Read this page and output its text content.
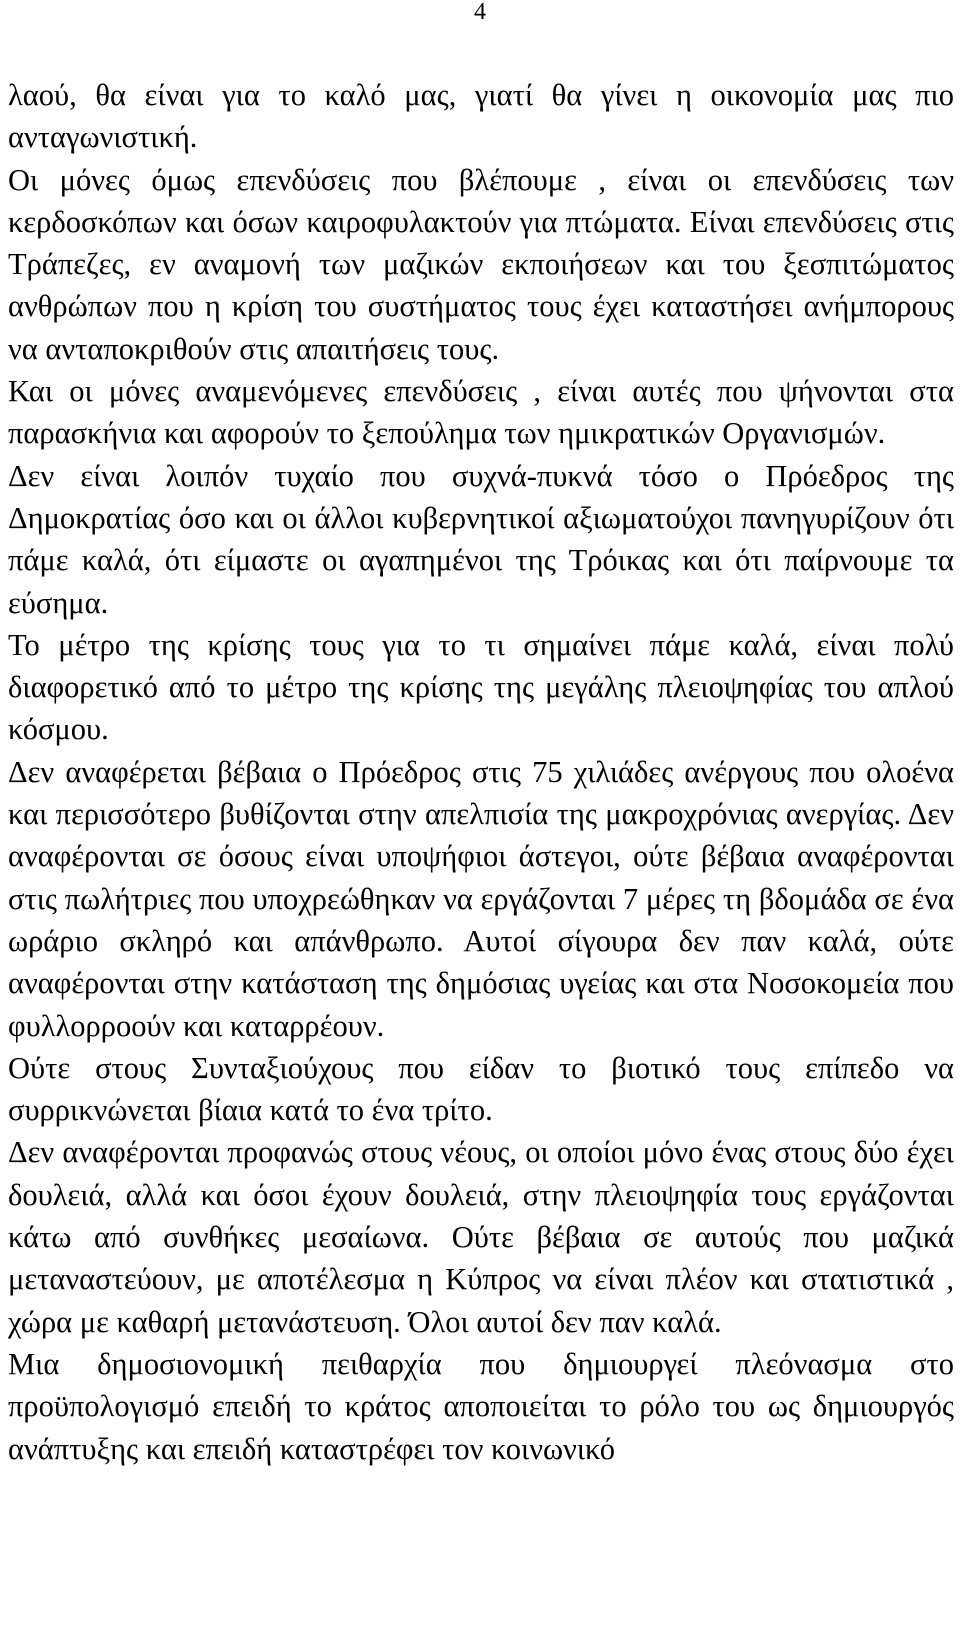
4

λαού, θα είναι για το καλό μας, γιατί θα γίνει η οικονομία μας πιο ανταγωνιστική.

Οι μόνες όμως επενδύσεις που βλέπουμε , είναι οι επενδύσεις των κερδοσκόπων και όσων καιροφυλακτούν για πτώματα. Είναι επενδύσεις στις Τράπεζες, εν αναμονή των μαζικών εκποιήσεων και του ξεσπιτώματος ανθρώπων που η κρίση του συστήματος τους έχει καταστήσει ανήμπορους να ανταποκριθούν στις απαιτήσεις τους.

Και οι μόνες αναμενόμενες επενδύσεις , είναι αυτές που ψήνονται στα παρασκήνια και αφορούν το ξεπούλημα των ημικρατικών Οργανισμών.

Δεν είναι λοιπόν τυχαίο που συχνά-πυκνά τόσο ο Πρόεδρος της Δημοκρατίας όσο και οι άλλοι κυβερνητικοί αξιωματούχοι πανηγυρίζουν ότι πάμε καλά, ότι είμαστε οι αγαπημένοι της Τρόικας και ότι παίρνουμε τα εύσημα.

Το μέτρο της κρίσης τους για το τι σημαίνει πάμε καλά, είναι πολύ διαφορετικό από το μέτρο της κρίσης της μεγάλης πλειοψηφίας του απλού κόσμου.

Δεν αναφέρεται βέβαια ο Πρόεδρος στις 75 χιλιάδες ανέργους που ολοένα και περισσότερο βυθίζονται στην απελπισία της μακροχρόνιας ανεργίας. Δεν αναφέρονται σε όσους είναι υποψήφιοι άστεγοι, ούτε βέβαια αναφέρονται στις πωλήτριες που υποχρεώθηκαν να εργάζονται 7 μέρες τη βδομάδα σε ένα ωράριο σκληρό και απάνθρωπο. Αυτοί σίγουρα δεν παν καλά, ούτε αναφέρονται στην κατάσταση της δημόσιας υγείας και στα Νοσοκομεία που φυλλορροούν και καταρρέουν.

Ούτε στους Συνταξιούχους που είδαν το βιοτικό τους επίπεδο να συρρικνώνεται βίαια κατά το ένα τρίτο.

Δεν αναφέρονται προφανώς στους νέους, οι οποίοι μόνο ένας στους δύο έχει δουλειά, αλλά και όσοι έχουν δουλειά, στην πλειοψηφία τους εργάζονται κάτω από συνθήκες μεσαίωνα. Ούτε βέβαια σε αυτούς που μαζικά μεταναστεύουν, με αποτέλεσμα η Κύπρος να είναι πλέον και στατιστικά , χώρα με καθαρή μετανάστευση. Όλοι αυτοί δεν παν καλά.

Μια δημοσιονομική πειθαρχία που δημιουργεί πλεόνασμα στο προϋπολογισμό επειδή το κράτος αποποιείται το ρόλο του ως δημιουργός ανάπτυξης και επειδή καταστρέφει τον κοινωνικό
